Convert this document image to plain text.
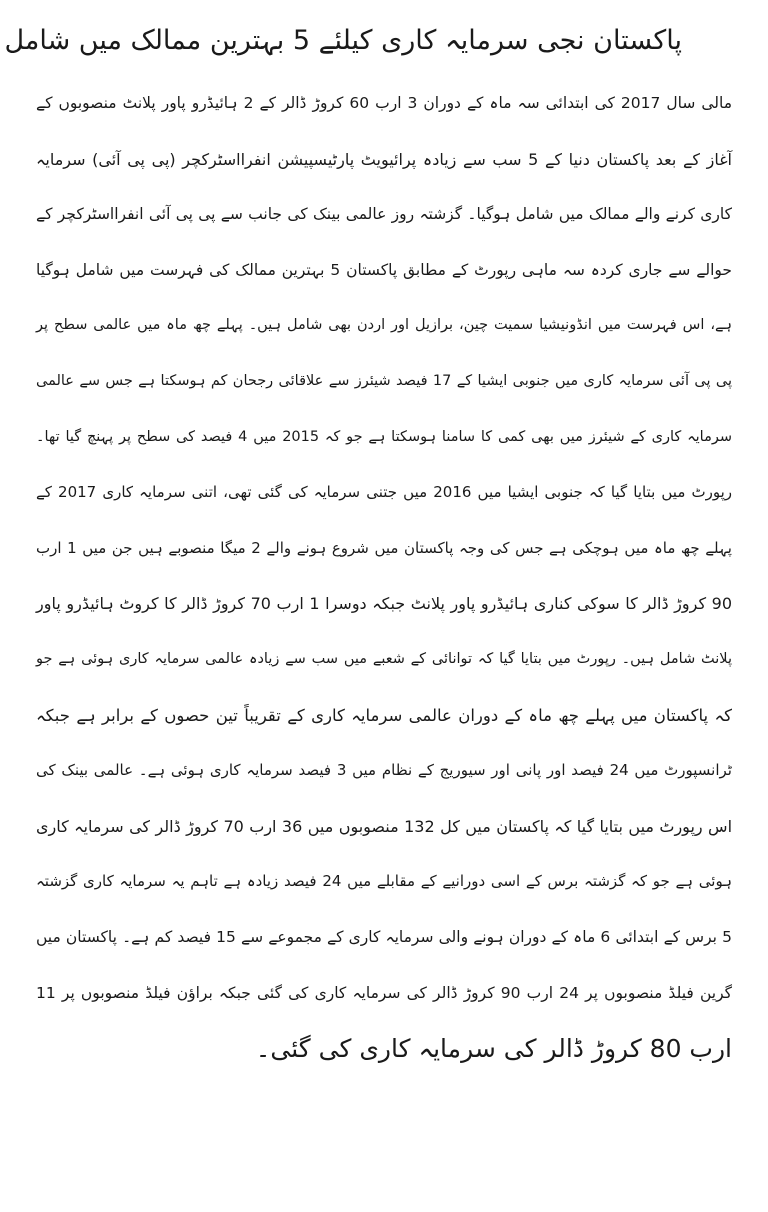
پاکستان نجی سرمایہ کاری کیلئے 5 بہترین ممالک میں شامل
مالی سال 2017 کی ابتدائی سہ ماہ کے دوران 3 ارب 60 کروڑ ڈالر کے 2 ہائیڈرو پاور پلانٹ منصوبوں کے
آغاز کے بعد پاکستان دنیا کے 5 سب سے زیادہ پرائیویٹ پارٹیسپیشن انفرااسٹرکچر (پی پی آئی) سرمایہ
کاری کرنے والے ممالک میں شامل ہوگیا۔ گزشتہ روز عالمی بینک کی جانب سے پی پی آئی انفرااسٹرکچر کے
حوالے سے جاری کردہ سہ ماہی رپورٹ کے مطابق پاکستان 5 بہترین ممالک کی فہرست میں شامل ہوگیا
ہے، اس فہرست میں انڈونیشیا سمیت چین، برازیل اور اردن بھی شامل ہیں۔ پہلے چھ ماہ میں عالمی سطح پر
پی پی آئی سرمایہ کاری میں جنوبی ایشیا کے 17 فیصد شیئرز سے علاقائی رجحان کم ہوسکتا ہے جس سے عالمی
سرمایہ کاری کے شیئرز میں بھی کمی کا سامنا ہوسکتا ہے جو کہ 2015 میں 4 فیصد کی سطح پر پہنچ گیا تھا۔
رپورٹ میں بتایا گیا کہ جنوبی ایشیا میں 2016 میں جتنی سرمایہ کی گئی تھی، اتنی سرمایہ کاری 2017 کے
پہلے چھ ماہ میں ہوچکی ہے جس کی وجہ پاکستان میں شروع ہونے والے 2 میگا منصوبے ہیں جن میں 1 ارب
90 کروڑ ڈالر کا سوکی کناری ہائیڈرو پاور پلانٹ جبکہ دوسرا 1 ارب 70 کروڑ ڈالر کا کروٹ ہائیڈرو پاور
پلانٹ شامل ہیں۔ رپورٹ میں بتایا گیا کہ توانائی کے شعبے میں سب سے زیادہ عالمی سرمایہ کاری ہوئی ہے جو
کہ پاکستان میں پہلے چھ ماہ کے دوران عالمی سرمایہ کاری کے تقریباً تین حصوں کے برابر ہے جبکہ
ٹرانسپورٹ میں 24 فیصد اور پانی اور سیوریج کے نظام میں 3 فیصد سرمایہ کاری ہوئی ہے۔ عالمی بینک کی
اس رپورٹ میں بتایا گیا کہ پاکستان میں کل 132 منصوبوں میں 36 ارب 70 کروڑ ڈالر کی سرمایہ کاری
ہوئی ہے جو کہ گزشتہ برس کے اسی دورانیے کے مقابلے میں 24 فیصد زیادہ ہے تاہم یہ سرمایہ کاری گزشتہ
5 برس کے ابتدائی 6 ماہ کے دوران ہونے والی سرمایہ کاری کے مجموعے سے 15 فیصد کم ہے۔ پاکستان میں
گرین فیلڈ منصوبوں پر 24 ارب 90 کروڑ ڈالر کی سرمایہ کاری کی گئی جبکہ براؤن فیلڈ منصوبوں پر 11
ارب 80 کروڑ ڈالر کی سرمایہ کاری کی گئی۔
